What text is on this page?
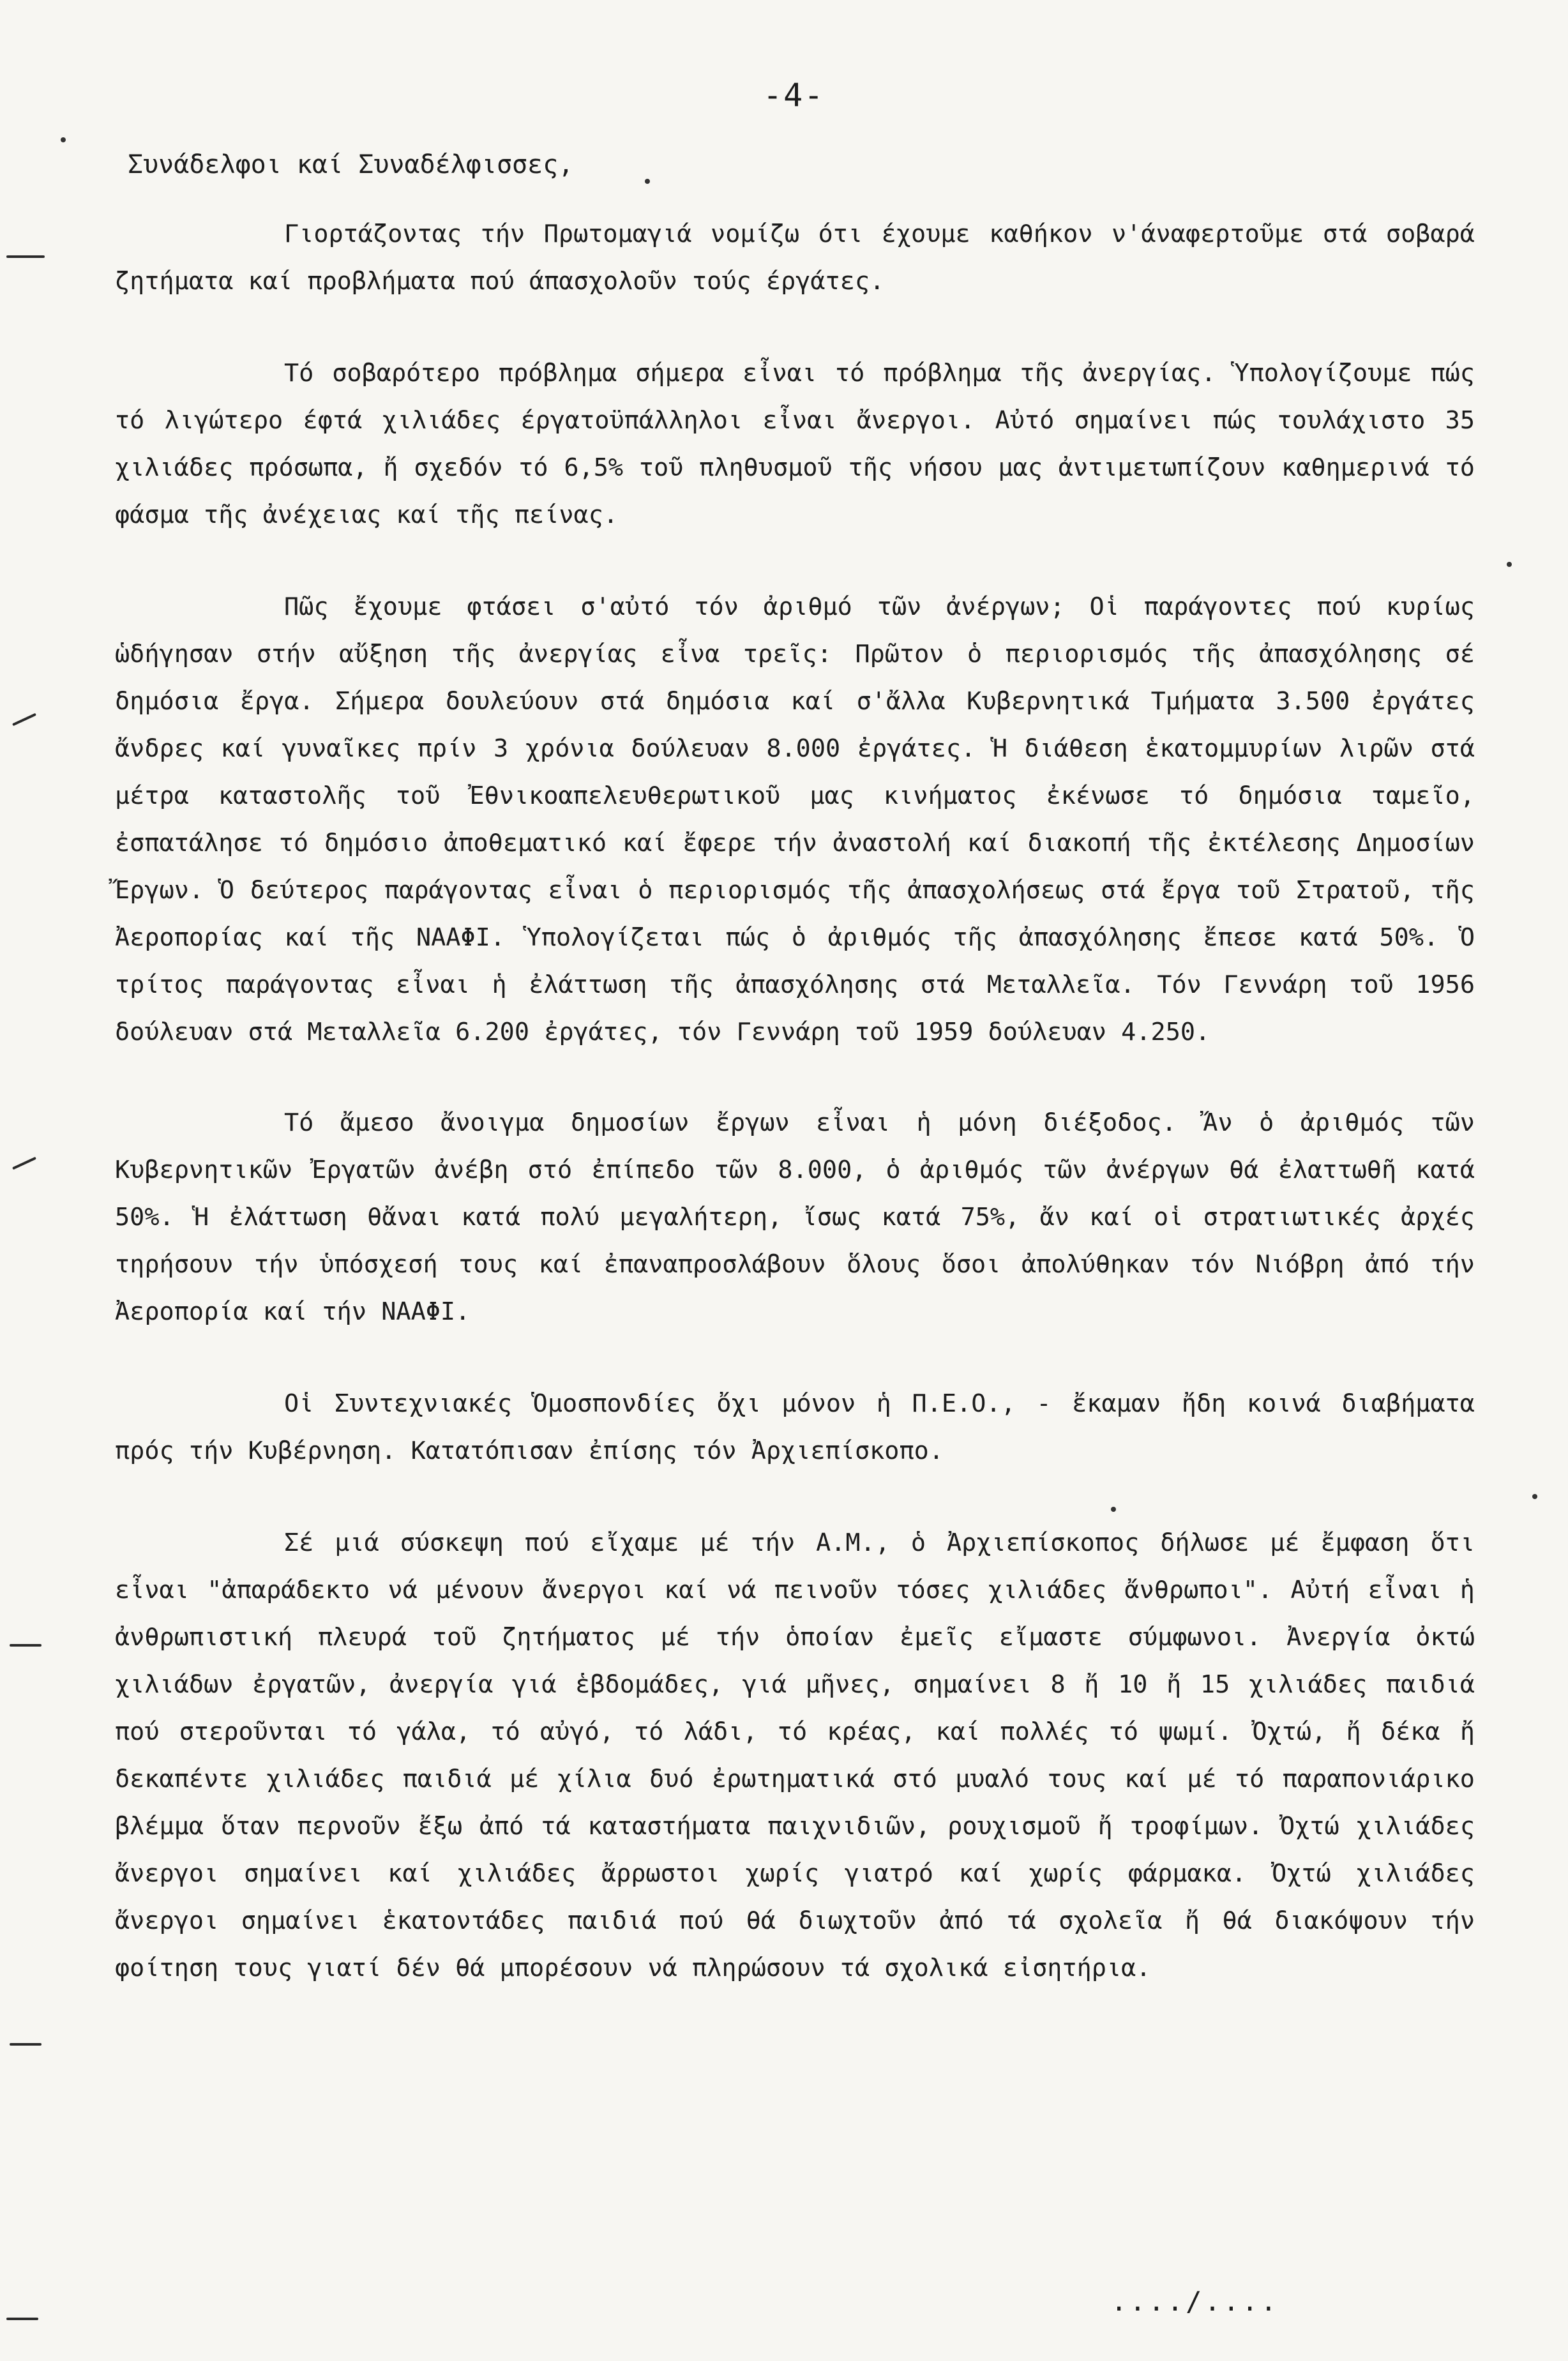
-4-
Συνάδελφοι καί Συναδέλφισσες,

Γιορτάζοντας τήν Πρωτομαγιά νομίζω ότι έχουμε καθήκον ν'άναφερτοῦμε στά σοβαρά ζητήματα καί προβλήματα πού άπασχολοῦν τούς έργάτες.

Τό σοβαρότερο πρόβλημα σήμερα εἶναι τό πρόβλημα τῆς ἀνεργίας. Ὑπολογίζουμε πώς τό λιγώτερο έφτά χιλιάδες έργατοϋπάλληλοι εἶναι ἄνεργοι. Αὐτό σημαίνει πώς τουλάχιστο 35 χιλιάδες πρόσωπα, ἤ σχεδόν τό 6,5% τοῦ πληθυσμοῦ τῆς νήσου μας ἀντιμετωπίζουν καθημερινά τό φάσμα τῆς ἀνέχειας καί τῆς πείνας.

Πῶς ἔχουμε φτάσει σ'αὐτό τόν ἀριθμό τῶν ἀνέργων; Οἱ παράγοντες πού κυρίως ὡδήγησαν στήν αὔξηση τῆς ἀνεργίας εἶνα τρεῖς: Πρῶτον ὁ περιορισμός τῆς ἀπασχόλησης σέ δημόσια ἔργα. Σήμερα δουλεύουν στά δημόσια καί σ'ἄλλα Κυβερνητικά Τμήματα 3.500 ἐργάτες ἄνδρες καί γυναῖκες πρίν 3 χρόνια δούλευαν 8.000 ἐργάτες. Ἡ διάθεση ἑκατομμυρίων λιρῶν στά μέτρα καταστολῆς τοῦ Ἐθνικοαπελευθερωτικοῦ μας κινήματος ἐκένωσε τό δημόσια ταμεῖο, ἐσπατάλησε τό δημόσιο ἀποθεματικό καί ἔφερε τήν ἀναστολή καί διακοπή τῆς ἐκτέλεσης Δημοσίων Ἔργων. Ὁ δεύτερος παράγοντας εἶναι ὁ περιορισμός τῆς ἀπασχολήσεως στά ἔργα τοῦ Στρατοῦ, τῆς Ἀεροπορίας καί τῆς ΝΑΑΦΙ. Ὑπολογίζεται πώς ὁ ἀριθμός τῆς ἀπασχόλησης ἔπεσε κατά 50%. Ὁ τρίτος παράγοντας εἶναι ἡ ἐλάττωση τῆς ἀπασχόλησης στά Μεταλλεῖα. Τόν Γεννάρη τοῦ 1956 δούλευαν στά Μεταλλεῖα 6.200 ἐργάτες, τόν Γεννάρη τοῦ 1959 δούλευαν 4.250.

Τό ἄμεσο ἄνοιγμα δημοσίων ἔργων εἶναι ἡ μόνη διέξοδος. Ἄν ὁ ἀριθμός τῶν Κυβερνητικῶν Ἐργατῶν ἀνέβη στό ἐπίπεδο τῶν 8.000, ὁ ἀριθμός τῶν ἀνέργων θά ἐλαττωθῆ κατά 50%. Ἡ ἐλάττωση θἄναι κατά πολύ μεγαλήτερη, ἴσως κατά 75%, ἄν καί οἱ στρατιωτικές ἀρχές τηρήσουν τήν ὑπόσχεσή τους καί ἐπαναπροσλάβουν ὅλους ὅσοι ἀπολύθηκαν τόν Νιόβρη ἀπό τήν Ἀεροπορία καί τήν ΝΑΑΦΙ.

Οἱ Συντεχνιακές Ὁμοσπονδίες ὄχι μόνον ἡ Π.Ε.Ο., - ἔκαμαν ἤδη κοινά διαβήματα πρός τήν Κυβέρνηση. Κατατόπισαν ἐπίσης τόν Ἀρχιεπίσκοπο.

Σέ μιά σύσκεψη πού εἴχαμε μέ τήν Α.Μ., ὁ Ἀρχιεπίσκοπος δήλωσε μέ ἔμφαση ὅτι εἶναι "ἀπαράδεκτο νά μένουν ἄνεργοι καί νά πεινοῦν τόσες χιλιάδες ἄνθρωποι". Αὐτή εἶναι ἡ ἀνθρωπιστική πλευρά τοῦ ζητήματος μέ τήν ὁποίαν ἐμεῖς εἴμαστε σύμφωνοι. Ἀνεργία ὀκτώ χιλιάδων ἐργατῶν, ἀνεργία γιά ἑβδομάδες, γιά μῆνες, σημαίνει 8 ἤ 10 ἤ 15 χιλιάδες παιδιά πού στεροῦνται τό γάλα, τό αὐγό, τό λάδι, τό κρέας, καί πολλές τό ψωμί. Ὀχτώ, ἤ δέκα ἤ δεκαπέντε χιλιάδες παιδιά μέ χίλια δυό ἐρωτηματικά στό μυαλό τους καί μέ τό παραπονιάρικο βλέμμα ὅταν περνοῦν ἔξω ἀπό τά καταστήματα παιχνιδιῶν, ρουχισμοῦ ἤ τροφίμων. Ὀχτώ χιλιάδες ἄνεργοι σημαίνει καί χιλιάδες ἄρρωστοι χωρίς γιατρό καί χωρίς φάρμακα. Ὀχτώ χιλιάδες ἄνεργοι σημαίνει ἑκατοντάδες παιδιά πού θά διωχτοῦν ἀπό τά σχολεῖα ἤ θά διακόψουν τήν φοίτηση τους γιατί δέν θά μπορέσουν νά πληρώσουν τά σχολικά εἰσητήρια.

..../....
